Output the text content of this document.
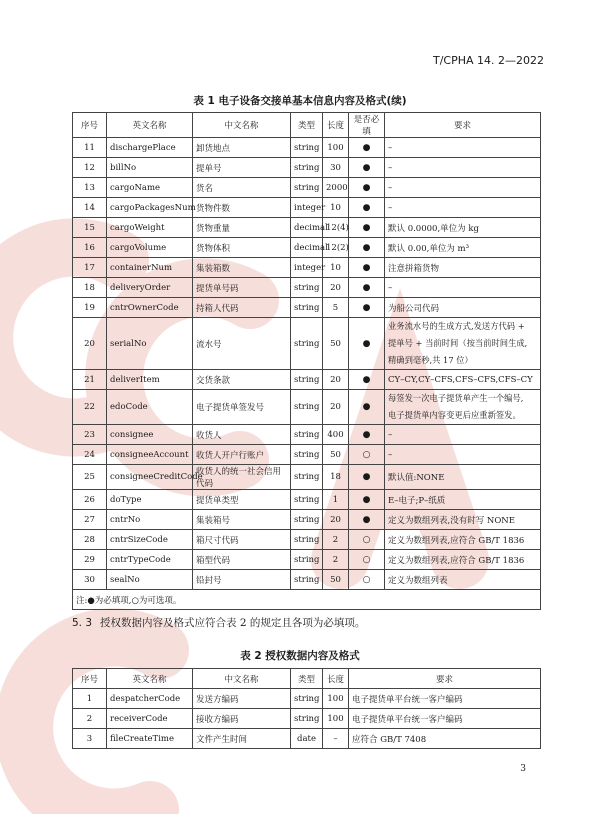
T/CPHA 14. 2—2022
表 1 电子设备交接单基本信息内容及格式(续)
序号	英文名称	中文名称	类型	长度	是否必填	要求
11	dischargePlace	卸货地点	string	100	●	–
12	billNo	提单号	string	30	●	–
13	cargoName	货名	string	2000	●	–
14	cargoPackagesNum	货物件数	integer	10	●	–
15	cargoWeight	货物重量	decimal	12(4)	●	默认 0.0000,单位为 kg
16	cargoVolume	货物体积	decimal	12(2)	●	默认 0.00,单位为 m³
17	containerNum	集装箱数	integer	10	●	注意拼箱货物
18	deliveryOrder	提货单号码	string	20	●	–
19	cntrOwnerCode	持箱人代码	string	5	●	为船公司代码
20	serialNo	流水号	string	50	●	业务流水号的生成方式,发送方代码 +
提单号 + 当前时间（按当前时间生成,
精确到毫秒,共 17 位）

21	deliverItem	交货条款	string	20	●	CY–CY,CY–CFS,CFS–CFS,CFS–CY
22	edoCode	电子提货单签发号	string	20	●	每签发一次电子提货单产生一个编号,
电子提货单内容变更后应重新签发。

23	consignee	收货人	string	400	●	–
24	consigneeAccount	收货人开户行账户	string	50	○	–
25	consigneeCreditCode	收货人的统一社会信用代码	string	18	●	默认值:NONE
26	doType	提货单类型	string	1	●	E–电子;P–纸质
27	cntrNo	集装箱号	string	20	●	定义为数组列表,没有时写 NONE
28	cntrSizeCode	箱尺寸代码	string	2	○	定义为数组列表,应符合 GB/T 1836
29	cntrTypeCode	箱型代码	string	2	○	定义为数组列表,应符合 GB/T 1836
30	sealNo	铅封号	string	50	○	定义为数组列表
注:●为必填项,○为可选项。						
5. 3 授权数据内容及格式应符合表 2 的规定且各项为必填项。
表 2 授权数据内容及格式
序号	英文名称	中文名称	类型	长度	要求
1	despatcherCode	发送方编码	string	100	电子提货单平台统一客户编码
2	receiverCode	接收方编码	string	100	电子提货单平台统一客户编码
3	fileCreateTime	文件产生时间	date	–	应符合 GB/T 7408
3
